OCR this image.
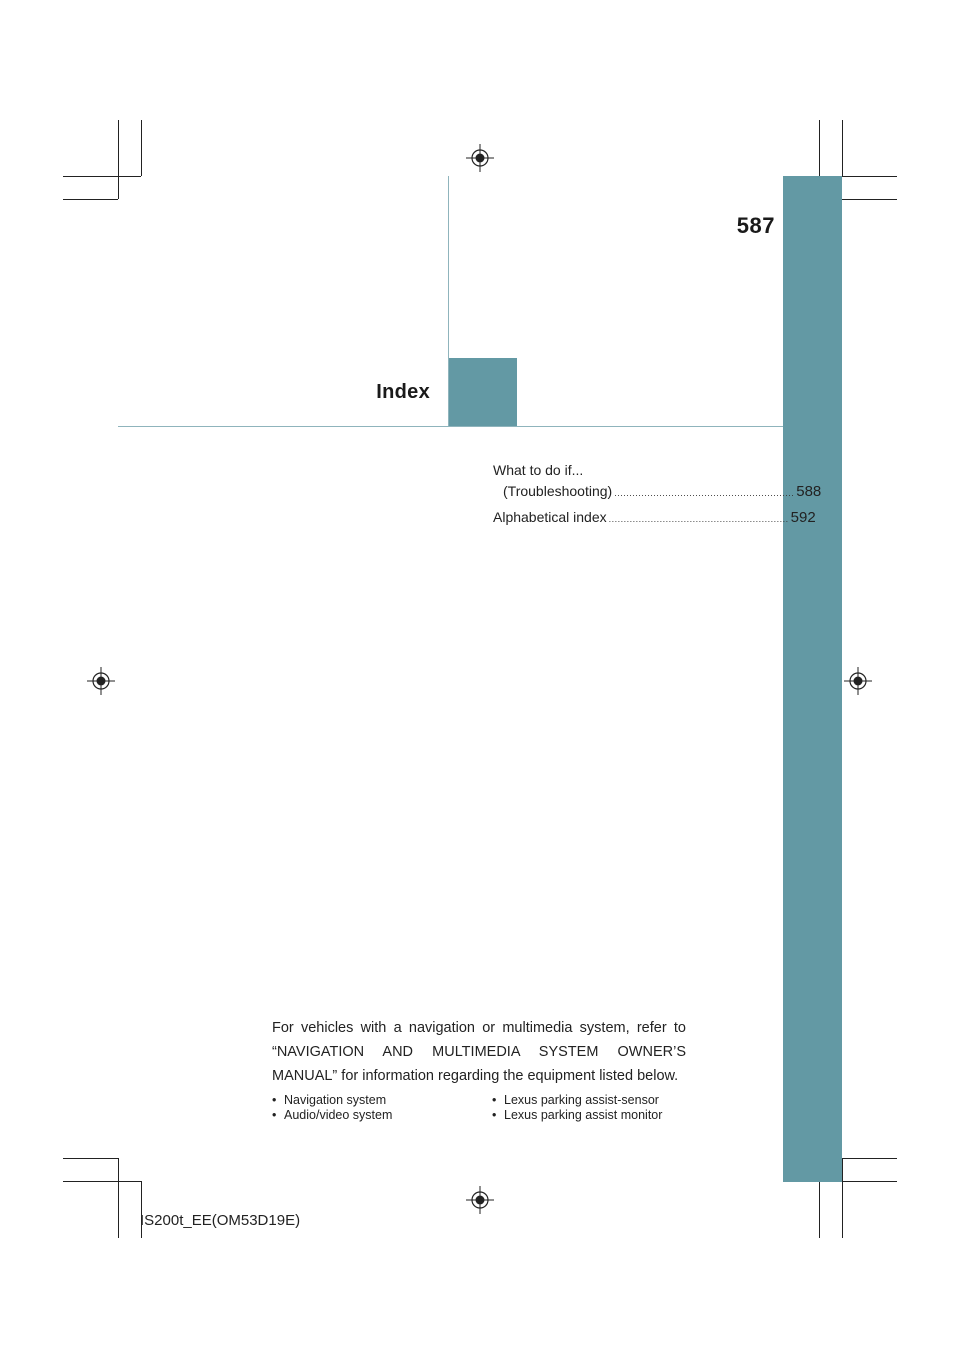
587
Index
What to do if...
(Troubleshooting) ............................................................ 588
Alphabetical index ............................................................ 592
For vehicles with a navigation or multimedia system, refer to “NAVIGATION AND MULTIMEDIA SYSTEM OWNER’S MANUAL” for information regarding the equipment listed below.
• Navigation system
• Audio/video system
• Lexus parking assist-sensor
• Lexus parking assist monitor
IS200t_EE(OM53D19E)
